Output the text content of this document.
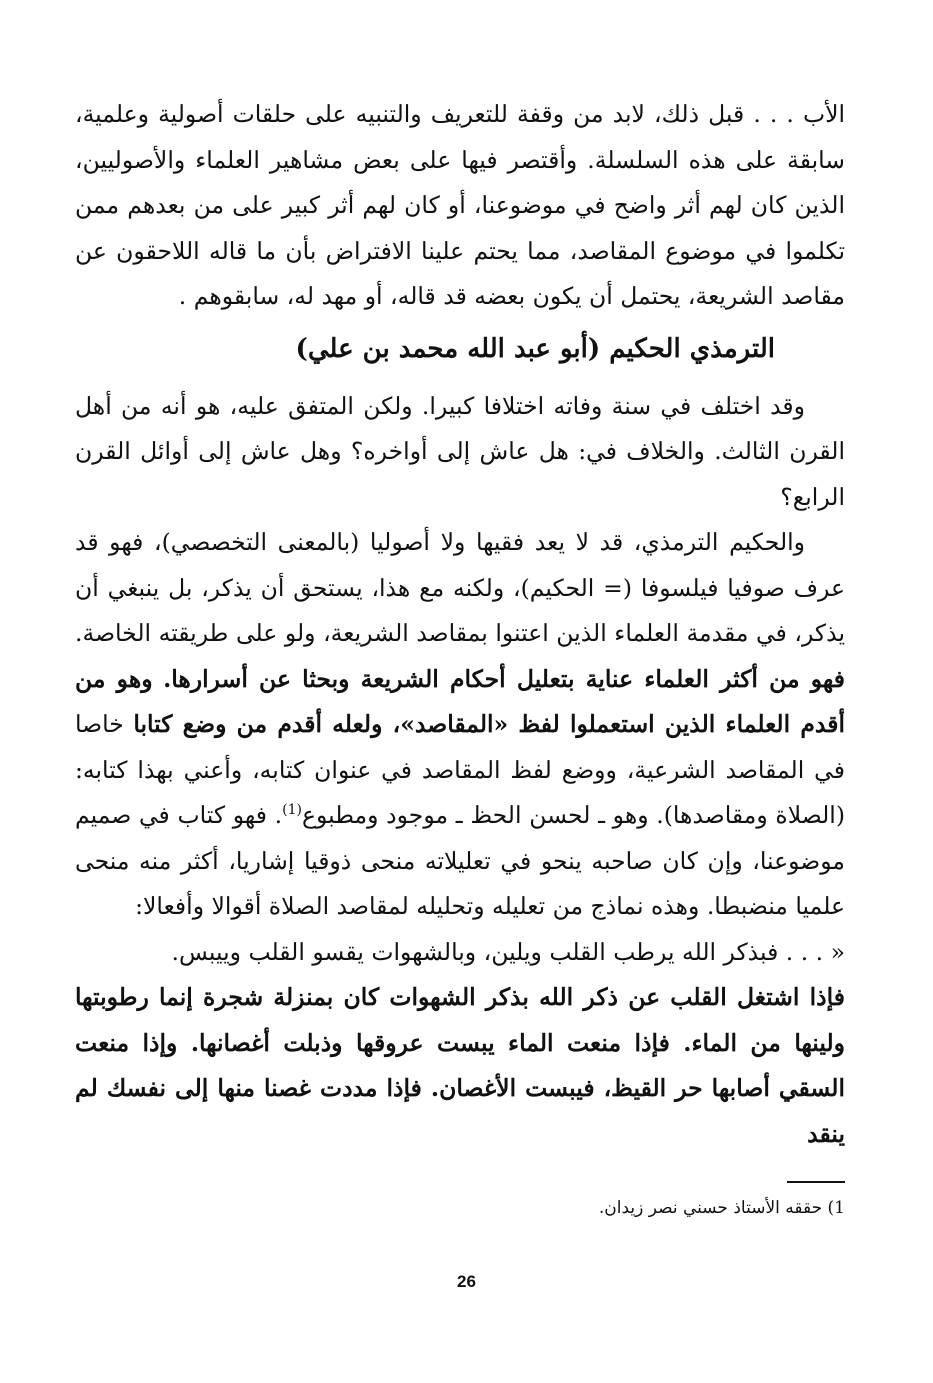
الأب . . . قبل ذلك، لابد من وقفة للتعريف والتنبيه على حلقات أصولية وعلمية، سابقة على هذه السلسلة. وأقتصر فيها على بعض مشاهير العلماء والأصوليين، الذين كان لهم أثر واضح في موضوعنا، أو كان لهم أثر كبير على من بعدهم ممن تكلموا في موضوع المقاصد، مما يحتم علينا الافتراض بأن ما قاله اللاحقون عن مقاصد الشريعة، يحتمل أن يكون بعضه قد قاله، أو مهد له، سابقوهم .

الترمذي الحكيم (أبو عبد الله محمد بن علي)

وقد اختلف في سنة وفاته اختلافا كبيرا. ولكن المتفق عليه، هو أنه من أهل القرن الثالث. والخلاف في: هل عاش إلى أواخره؟ وهل عاش إلى أوائل القرن الرابع؟

والحكيم الترمذي، قد لا يعد فقيها ولا أصوليا (بالمعنى التخصصي)، فهو قد عرف صوفيا فيلسوفا (= الحكيم)، ولكنه مع هذا، يستحق أن يذكر، بل ينبغي أن يذكر، في مقدمة العلماء الذين اعتنوا بمقاصد الشريعة، ولو على طريقته الخاصة. فهو من أكثر العلماء عناية بتعليل أحكام الشريعة وبحثا عن أسرارها. وهو من أقدم العلماء الذين استعملوا لفظ «المقاصد»، ولعله أقدم من وضع كتابا خاصا في المقاصد الشرعية، ووضع لفظ المقاصد في عنوان كتابه، وأعني بهذا كتابه: (الصلاة ومقاصدها). وهو ـ لحسن الحظ ـ موجود ومطبوع$^{(1)}$. فهو كتاب في صميم موضوعنا، وإن كان صاحبه ينحو في تعليلاته منحى ذوقيا إشاريا، أكثر منه منحى علميا منضبطا. وهذه نماذج من تعليله وتحليله لمقاصد الصلاة أقوالا وأفعالا:

« . . . فبذكر الله يرطب القلب ويلين، وبالشهوات يقسو القلب وييبس.

فإذا اشتغل القلب عن ذكر الله بذكر الشهوات كان بمنزلة شجرة إنما رطوبتها ولينها من الماء. فإذا منعت الماء يبست عروقها وذبلت أغصانها. وإذا منعت السقي أصابها حر القيظ، فيبست الأغصان. فإذا مددت غصنا منها إلى نفسك لم ينقد

1) حققه الأستاذ حسني نصر زيدان.
26
